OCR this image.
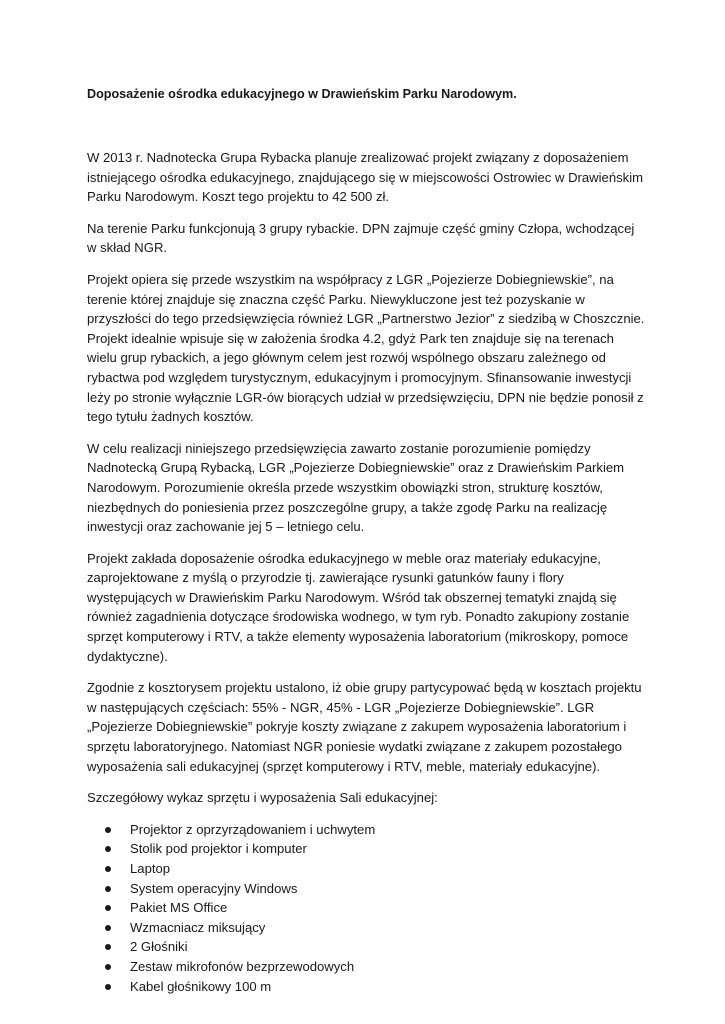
Doposażenie ośrodka edukacyjnego w Drawieńskim Parku Narodowym.

W 2013 r. Nadnotecka Grupa Rybacka planuje zrealizować projekt związany z doposażeniem istniejącego ośrodka edukacyjnego, znajdującego się w miejscowości Ostrowiec w Drawieńskim Parku Narodowym. Koszt tego projektu to 42 500 zł.

Na terenie Parku funkcjonują 3 grupy rybackie. DPN zajmuje część gminy Człopa, wchodzącej w skład NGR.

Projekt opiera się przede wszystkim na współpracy z LGR „Pojezierze Dobiegniewskie”, na terenie której znajduje się znaczna część Parku. Niewykluczone jest też pozyskanie w przyszłości do tego przedsięwzięcia również LGR „Partnerstwo Jezior” z siedzibą w Choszcznie. Projekt idealnie wpisuje się w założenia środka 4.2, gdyż Park ten znajduje się na terenach wielu grup rybackich, a jego głównym celem jest rozwój wspólnego obszaru zależnego od rybactwa pod względem turystycznym, edukacyjnym i promocyjnym. Sfinansowanie inwestycji leży po stronie wyłącznie LGR-ów biorących udział w przedsięwzięciu, DPN nie będzie ponosił z tego tytułu żadnych kosztów.

W celu realizacji niniejszego przedsięwzięcia zawarto zostanie porozumienie pomiędzy Nadnotecką Grupą Rybacką, LGR „Pojezierze Dobiegniewskie” oraz z Drawieńskim Parkiem Narodowym. Porozumienie określa przede wszystkim obowiązki stron, strukturę kosztów, niezbędnych do poniesienia przez poszczególne grupy, a także zgodę Parku na realizację inwestycji oraz zachowanie jej 5 – letniego celu.

Projekt zakłada doposażenie ośrodka edukacyjnego w meble oraz materiały edukacyjne, zaprojektowane z myślą o przyrodzie tj. zawierające rysunki gatunków fauny i flory występujących w Drawieńskim Parku Narodowym. Wśród tak obszernej tematyki znajdą się również zagadnienia dotyczące środowiska wodnego, w tym ryb. Ponadto zakupiony zostanie sprzęt komputerowy i RTV, a także elementy wyposażenia laboratorium (mikroskopy, pomoce dydaktyczne).

Zgodnie z kosztorysem projektu ustalono, iż obie grupy partycypować będą w kosztach projektu w następujących częściach: 55% - NGR, 45% - LGR „Pojezierze Dobiegniewskie”. LGR „Pojezierze Dobiegniewskie” pokryje koszty związane z zakupem wyposażenia laboratorium i sprzętu laboratoryjnego. Natomiast NGR poniesie wydatki związane z zakupem pozostałego wyposażenia sali edukacyjnej (sprzęt komputerowy i RTV, meble, materiały edukacyjne).

Szczegółowy wykaz sprzętu i wyposażenia Sali edukacyjnej:

Projektor z oprzyrządowaniem i uchwytem
Stolik pod projektor i komputer
Laptop
System operacyjny Windows
Pakiet MS Office
Wzmacniacz miksujący
2 Głośniki
Zestaw mikrofonów bezprzewodowych
Kabel głośnikowy 100 m
